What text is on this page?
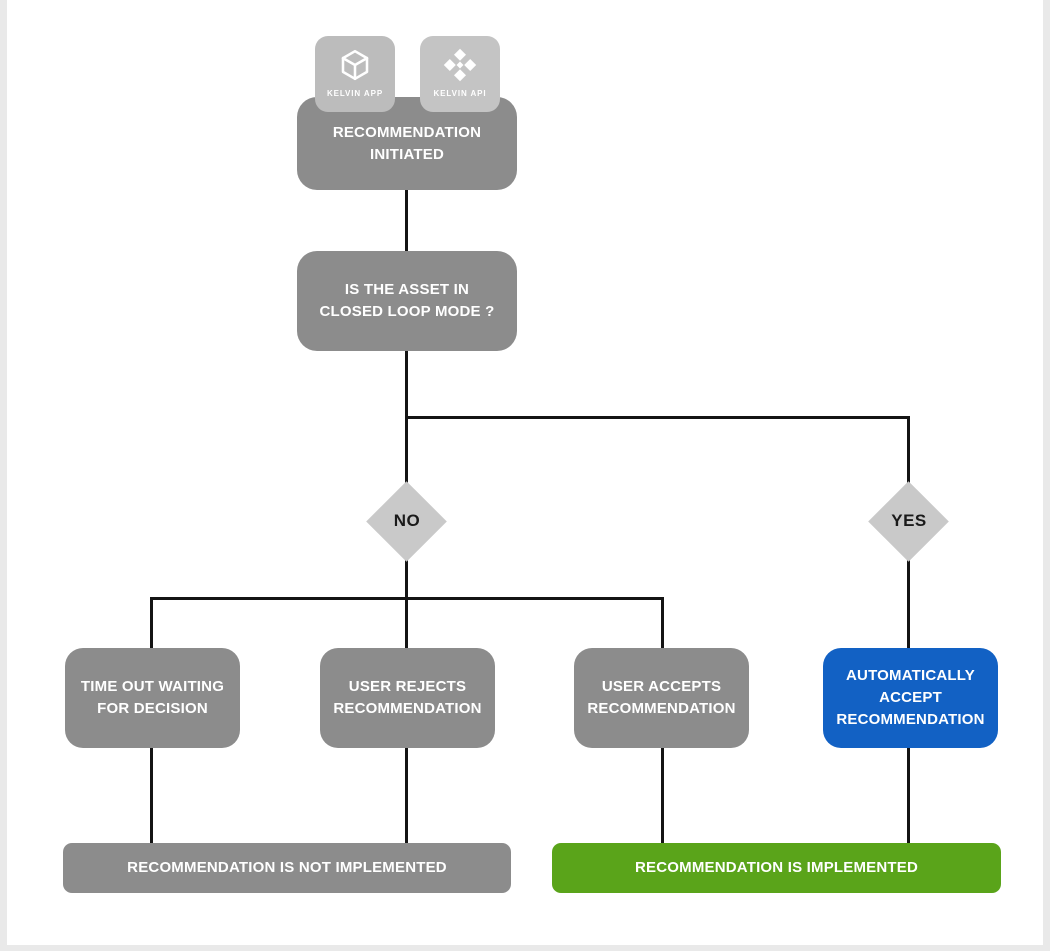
RECOMMENDATION INITIATED
KELVIN APP	KELVIN API
IS THE ASSET IN CLOSED LOOP MODE ?
NO	YES
TIME OUT WAITING FOR DECISION
USER REJECTS RECOMMENDATION
USER ACCEPTS RECOMMENDATION
AUTOMATICALLY ACCEPT RECOMMENDATION
RECOMMENDATION IS NOT IMPLEMENTED	RECOMMENDATION IS IMPLEMENTED
